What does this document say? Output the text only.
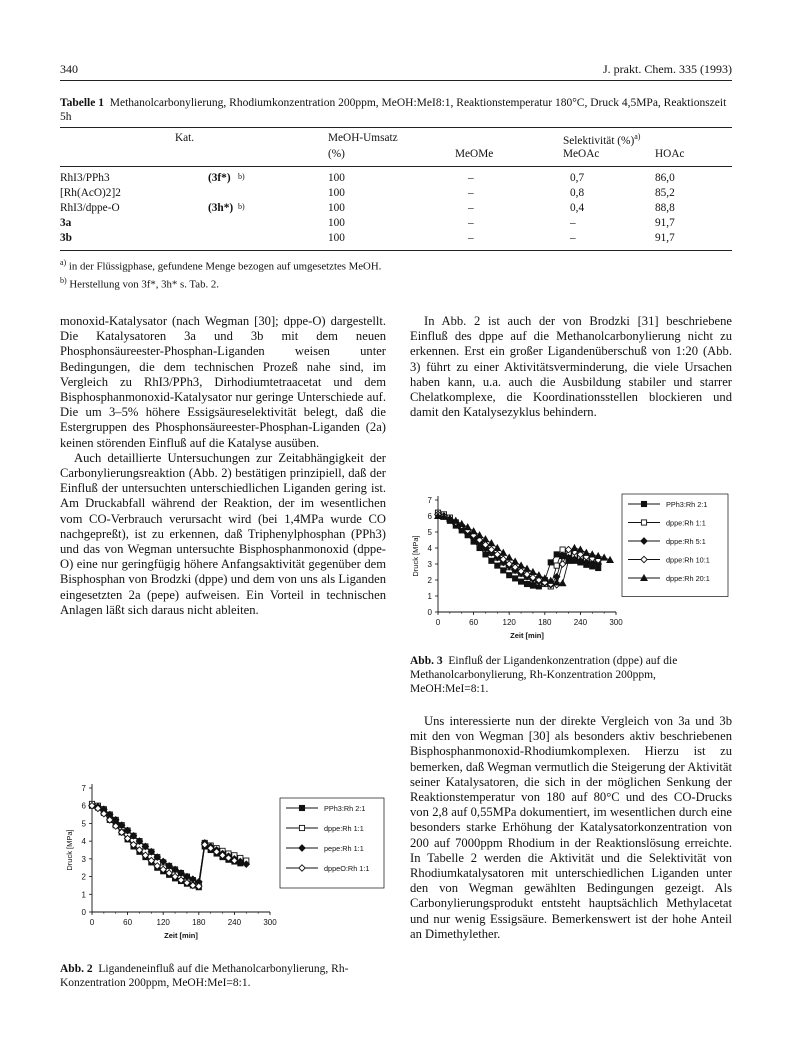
340	J. prakt. Chem. 335 (1993)
Tabelle 1 Methanolcarbonylierung, Rhodiumkonzentration 200ppm, MeOH:MeI8:1, Reaktionstemperatur 180°C, Druck 4,5MPa, Reaktionszeit 5h
Kat.	MeOH-Umsatz
(%)
Selektivität (%)$^{a)}$
MeOMe	MeOAc	HOAc
RhI3/PPh3	(3f*) $^{b)}$	100	–	0,7	86,0
[Rh(AcO)2]2	100	–	0,8	85,2
RhI3/dppe-O	(3h*) $^{b)}$	100	–	0,4	88,8
3a	100	–	–	91,7
3b	100	–	–	91,7
$^{a)}$ in der Flüssigphase, gefundene Menge bezogen auf umgesetztes MeOH.
$^{b)}$ Herstellung von 3f*, 3h* s. Tab. 2.

monoxid-Katalysator (nach Wegman [30]; dppe-O) dargestellt. Die Katalysatoren 3a und 3b mit dem neuen Phosphonsäureester-Phosphan-Liganden weisen unter Bedingungen, die dem technischen Prozeß nahe sind, im Vergleich zu RhI3/PPh3, Dirhodiumtetraacetat und dem Bisphosphanmonoxid-Katalysator nur geringe Unterschiede auf. Die um 3–5% höhere Essigsäureselektivität belegt, daß die Estergruppen des Phosphonsäureester-Phosphan-Liganden (2a) keinen störenden Einfluß auf die Katalyse ausüben.

Auch detaillierte Untersuchungen zur Zeitabhängigkeit der Carbonylierungsreaktion (Abb. 2) bestätigen prinzipiell, daß der Einfluß der untersuchten unterschiedlichen Liganden gering ist. Am Druckabfall während der Reaktion, der im wesentlichen vom CO-Verbrauch verursacht wird (bei 1,4MPa wurde CO nachgepreßt), ist zu erkennen, daß Triphenylphosphan (PPh3) und das von Wegman untersuchte Bisphosphanmonoxid (dppe-O) eine nur geringfügig höhere Anfangsaktivität gegenüber dem Bisphosphan von Brodzki (dppe) und dem von uns als Liganden eingesetzten 2a (pepe) aufweisen. Ein Vorteil in technischen Anlagen läßt sich daraus nicht ableiten.

In Abb. 2 ist auch der von Brodzki [31] beschriebene Einfluß des dppe auf die Methanolcarbonylierung nicht zu erkennen. Erst ein großer Ligandenüberschuß von 1:20 (Abb. 3) führt zu einer Aktivitätsverminderung, die viele Ursachen haben kann, u.a. auch die Ausbildung stabiler und starrer Chelatkomplexe, die Koordinationsstellen blockieren und damit den Katalysezyklus behindern.

Uns interessierte nun der direkte Vergleich von 3a und 3b mit den von Wegman [30] als besonders aktiv beschriebenen Bisphosphanmonoxid-Rhodiumkomplexen. Hierzu ist zu bemerken, daß Wegman vermutlich die Steigerung der Aktivität seiner Katalysatoren, die sich in der möglichen Senkung der Reaktionstemperatur von 180 auf 80°C und des CO-Drucks von 2,8 auf 0,55MPa dokumentiert, im wesentlichen durch eine besonders starke Erhöhung der Katalysatorkonzentration von 200 auf 7000ppm Rhodium in der Reaktionslösung erreichte. In Tabelle 2 werden die Aktivität und die Selektivität von Rhodiumkatalysatoren mit unterschiedlichen Liganden unter den von Wegman gewählten Bedingungen gezeigt. Als Carbonylierungsprodukt entsteht hauptsächlich Methylacetat und nur wenig Essigsäure. Bemerkenswert ist der hohe Anteil an Dimethylether.

0
1
2
3
4
5
6
7
0	60	120	180	240	300
Zeit [min]
Druck [MPa]
PPh3:Rh 2:1
dppe:Rh 1:1
dppe:Rh 5:1
dppe:Rh 10:1
dppe:Rh 20:1
Abb. 3 Einfluß der Ligandenkonzentration (dppe) auf die Methanolcarbonylierung, Rh-Konzentration 200ppm, MeOH:MeI=8:1.
0
1
2
3
4
5
6
7
0	60	120	180	240	300
Zeit [min]
Druck [MPa]
PPh3:Rh 2:1
dppe:Rh 1:1
pepe:Rh 1:1
dppeO:Rh 1:1
Abb. 2 Ligandeneinfluß auf die Methanolcarbonylierung, Rh-Konzentration 200ppm, MeOH:MeI=8:1.
